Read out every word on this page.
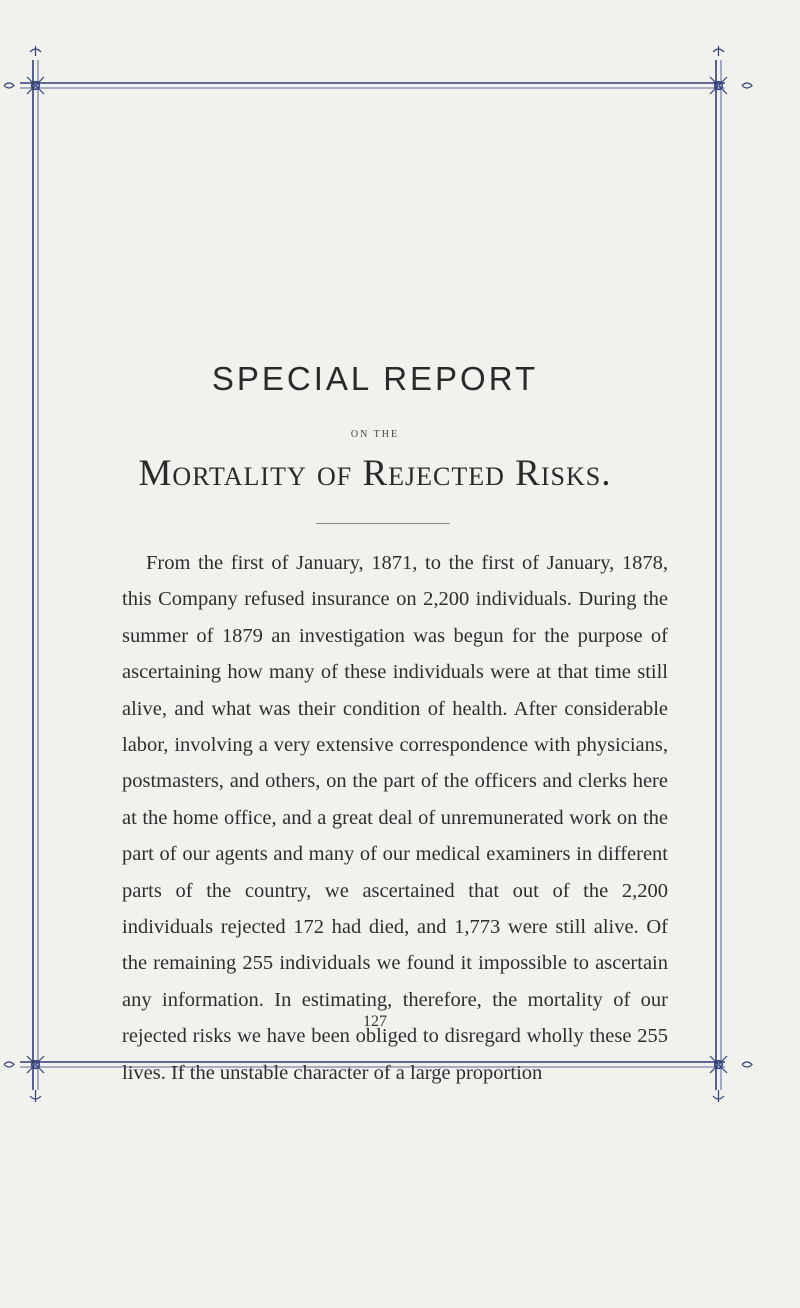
SPECIAL REPORT
ON THE
Mortality of Rejected Risks.

From the first of January, 1871, to the first of January, 1878, this Company refused insurance on 2,200 individuals. During the summer of 1879 an investigation was begun for the purpose of ascertaining how many of these individuals were at that time still alive, and what was their condition of health. After considerable labor, involving a very extensive correspondence with physicians, postmasters, and others, on the part of the officers and clerks here at the home office, and a great deal of unremunerated work on the part of our agents and many of our medical examiners in different parts of the country, we ascertained that out of the 2,200 individuals rejected 172 had died, and 1,773 were still alive. Of the remaining 255 individuals we found it impossible to ascertain any information. In estimating, therefore, the mortality of our rejected risks we have been obliged to disregard wholly these 255 lives. If the unstable character of a large proportion

127
